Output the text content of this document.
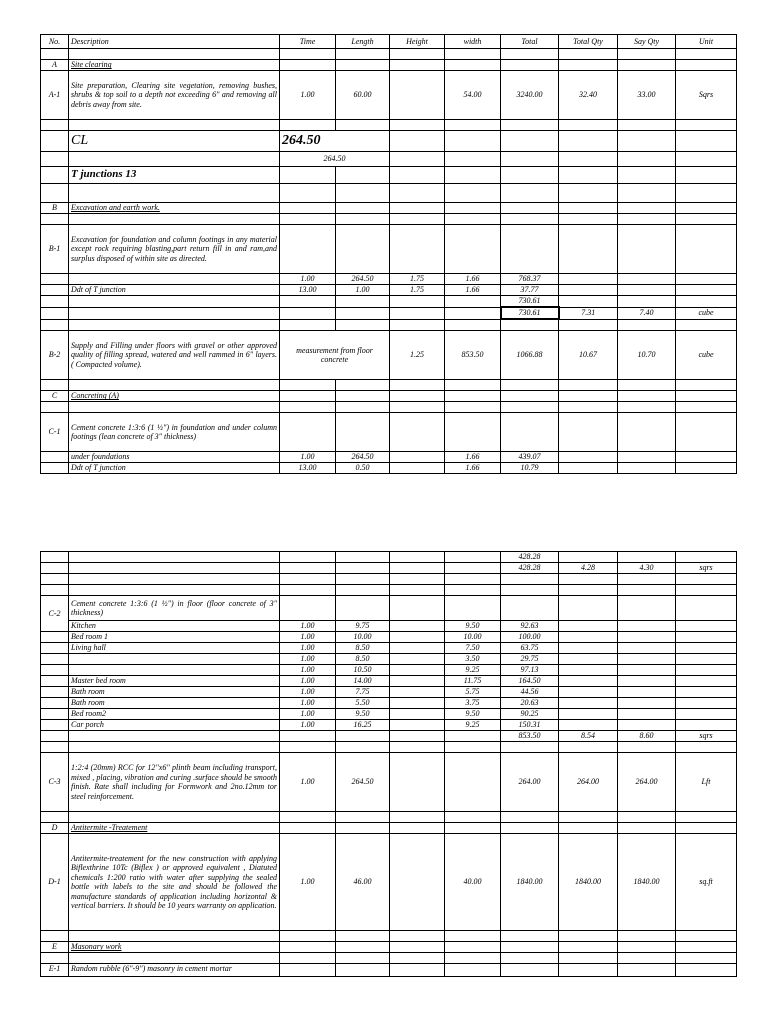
No.	Description	Time	Length	Height	width	Total	Total Qty	Say Qty	Unit

A	Site clearing								
A-1	Site preparation, Clearing site vegetation, removing bushes, shrubs & top soil to a depth not exceeding 6" and removing all debris away from site.	1.00	60.00		54.00	3240.00	32.40	33.00	Sqrs

	CL	264.50							
		264.50							
	T junctions 13								

B	Excavation and earth work.								

B-1	Excavation for foundation and column footings in any material except rock requiring blasting,part return fill in and ram,and surplus disposed of within site as directed.								
		1.00	264.50	1.75	1.66	768.37			
	Ddt of T junction	13.00	1.00	1.75	1.66	37.77			
						730.61			
						730.61	7.31	7.40	cube

B-2	Supply and Filling under floors with gravel or other approved quality of filling spread, watered and well rammed in 6" layers. ( Compacted volume).	measurement from floor concrete		1.25	853.50	1066.88	10.67	10.70	cube

C	Concreting (A)								

C-1	Cement concrete 1:3:6 (1 ½") in foundation and under column footings (lean concrete of 3" thickness)								
	under foundations	1.00	264.50		1.66	439.07			
	Ddt of T junction	13.00	0.50		1.66	10.79			
						428.28			
						428.28	4.28	4.30	sqrs

C-2	Cement concrete 1:3:6 (1 ½") in floor (floor concrete of 3" thickness)								
	Kitchen	1.00	9.75		9.50	92.63			
	Bed room 1	1.00	10.00		10.00	100.00			
	Living hall	1.00	8.50		7.50	63.75			
		1.00	8.50		3.50	29.75			
		1.00	10.50		9.25	97.13			
	Master bed room	1.00	14.00		11.75	164.50			
	Bath room	1.00	7.75		5.75	44.56			
	Bath room	1.00	5.50		3.75	20.63			
	Bed room2	1.00	9.50		9.50	90.25			
	Car porch	1.00	16.25		9.25	150.31			
						853.50	8.54	8.60	sqrs

C-3	1:2:4 (20mm) RCC for 12"x6" plinth beam including transport, mixed , placing, vibration and curing .surface should be smooth finish. Rate shall including for Formwork and 2no.12mm tor steel reinforcement.	1.00	264.50			264.00	264.00	264.00	Lft

D	Antitermite -Treatement								
D-1	Antitermite-treatement for the new construction with applying Biflexthrine 10Tc (Biflex ) or approved equivalent , Diatuted chemicals 1:200 ratio with water after supplying the sealed bottle with labels to the site and should be followed the manufacture standards of application including horizontal & vertical barriers. It should be 10 years warranty on application.	1.00	46.00		40.00	1840.00	1840.00	1840.00	sq.ft

E	Masonary work								

E-1	Random rubble (6"-9") masonry in cement mortar								
